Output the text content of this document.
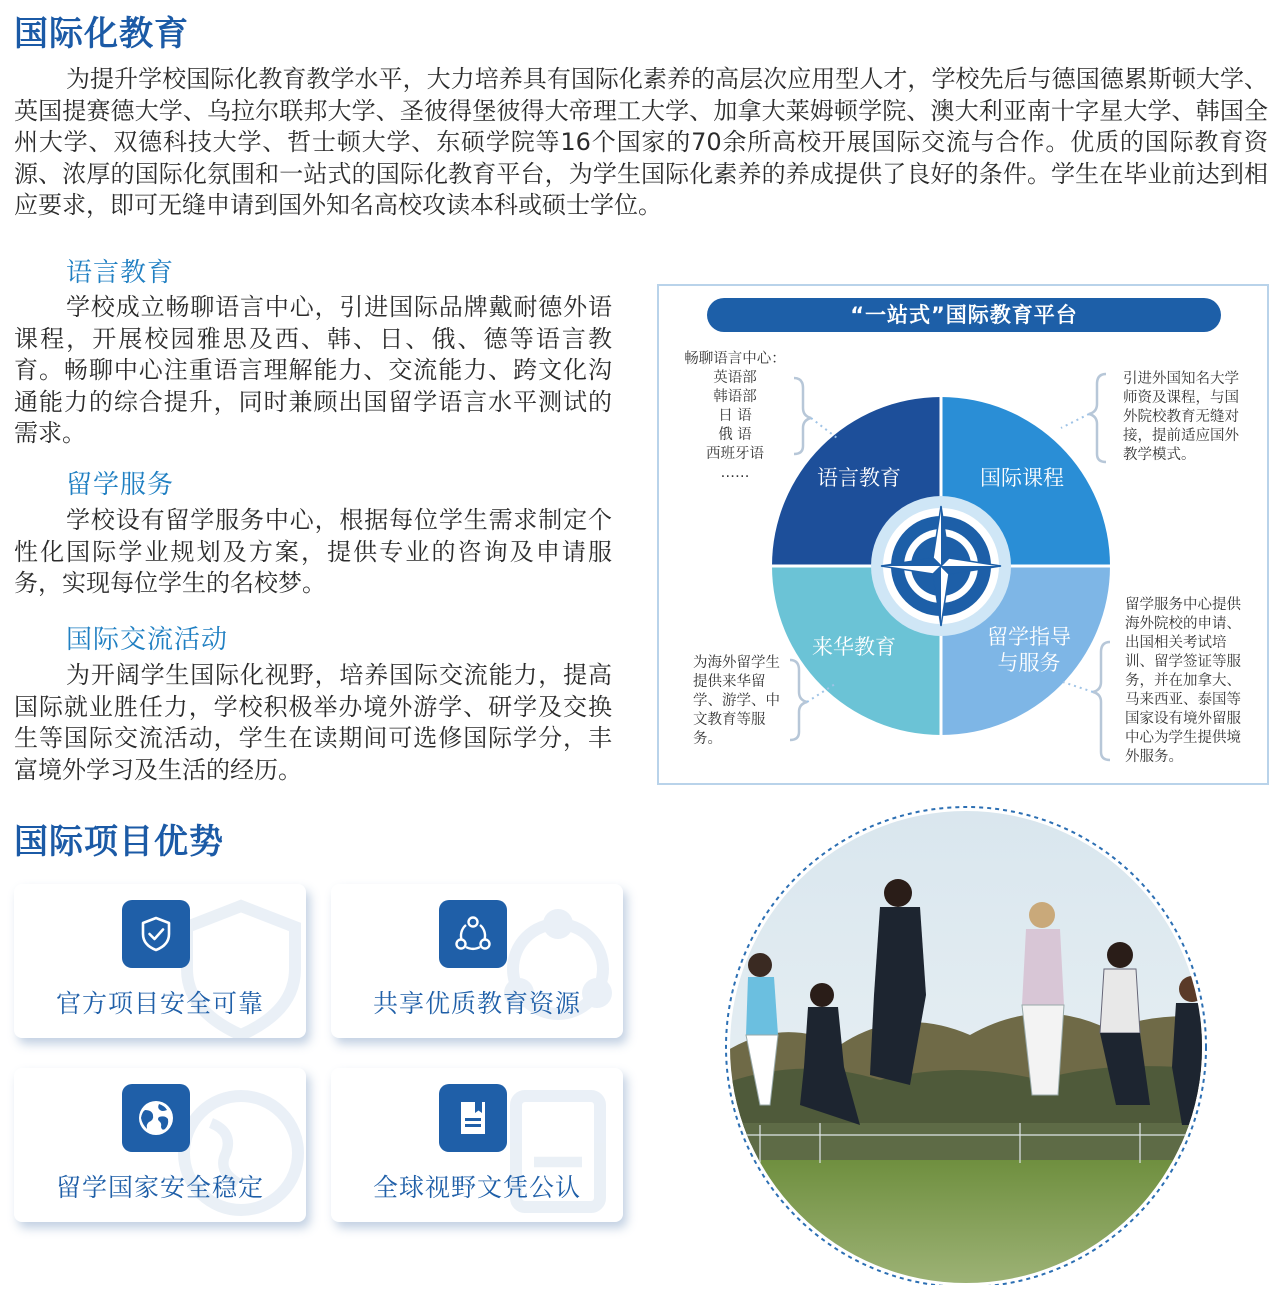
国际化教育
为提升学校国际化教育教学水平，大力培养具有国际化素养的高层次应用型人才，学校先后与德国德累斯顿大学、英国提赛德大学、乌拉尔联邦大学、圣彼得堡彼得大帝理工大学、加拿大莱姆顿学院、澳大利亚南十字星大学、韩国全州大学、双德科技大学、哲士顿大学、东硕学院等16个国家的70余所高校开展国际交流与合作。优质的国际教育资源、浓厚的国际化氛围和一站式的国际化教育平台，为学生国际化素养的养成提供了良好的条件。学生在毕业前达到相应要求，即可无缝申请到国外知名高校攻读本科或硕士学位。
语言教育
学校成立畅聊语言中心，引进国际品牌戴耐德外语课程，开展校园雅思及西、韩、日、俄、德等语言教育。畅聊中心注重语言理解能力、交流能力、跨文化沟通能力的综合提升，同时兼顾出国留学语言水平测试的需求。
留学服务
学校设有留学服务中心，根据每位学生需求制定个性化国际学业规划及方案，提供专业的咨询及申请服务，实现每位学生的名校梦。
国际交流活动
为开阔学生国际化视野，培养国际交流能力，提高国际就业胜任力，学校积极举办境外游学、研学及交换生等国际交流活动，学生在读期间可选修国际学分，丰富境外学习及生活的经历。
“一站式”国际教育平台
语言教育	国际课程
来华教育	留学指导
与服务
畅聊语言中心：
英语部
韩语部
日 语
俄 语
西班牙语
……
引进外国知名大学师资及课程，与国外院校教育无缝对接，提前适应国外教学模式。
为海外留学生提供来华留学、游学、中文教育等服务。
留学服务中心提供海外院校的申请、出国相关考试培训、留学签证等服务，并在加拿大、马来西亚、泰国等国家设有境外留服中心为学生提供境外服务。
国际项目优势
官方项目安全可靠	共享优质教育资源
留学国家安全稳定	全球视野文凭公认
